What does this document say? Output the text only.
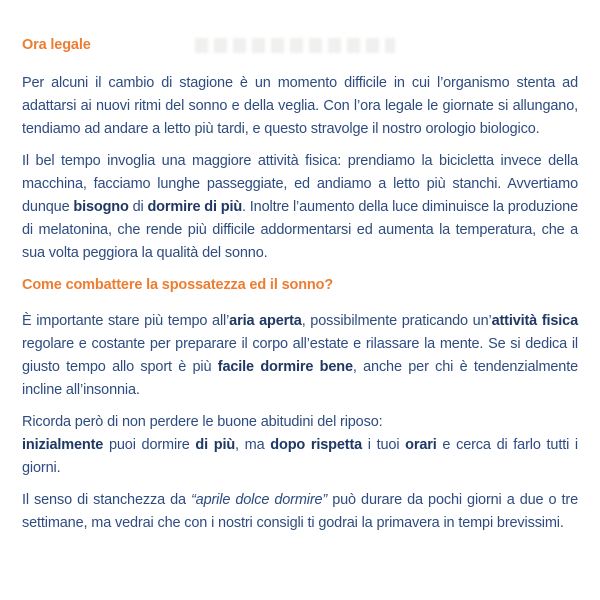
Ora legale

Per alcuni il cambio di stagione è un momento difficile in cui l’organismo stenta ad adattarsi ai nuovi ritmi del sonno e della veglia. Con l’ora legale le giornate si allungano, tendiamo ad andare a letto più tardi, e questo stravolge il nostro orologio biologico.

Il bel tempo invoglia una maggiore attività fisica: prendiamo la bicicletta invece della macchina, facciamo lunghe passeggiate, ed andiamo a letto più stanchi. Avvertiamo dunque bisogno di dormire di più. Inoltre l’aumento della luce diminuisce la produzione di melatonina, che rende più difficile addormentarsi ed aumenta la temperatura, che a sua volta peggiora la qualità del sonno.

Come combattere la spossatezza ed il sonno?

È importante stare più tempo all’aria aperta, possibilmente praticando un’attività fisica regolare e costante per preparare il corpo all’estate e rilassare la mente. Se si dedica il giusto tempo allo sport è più facile dormire bene, anche per chi è tendenzialmente incline all’insonnia.

Ricorda però di non perdere le buone abitudini del riposo:
inizialmente puoi dormire di più, ma dopo rispetta i tuoi orari e cerca di farlo tutti i giorni.

Il senso di stanchezza da “aprile dolce dormire” può durare da pochi giorni a due o tre settimane, ma vedrai che con i nostri consigli ti godrai la primavera in tempi brevissimi.
